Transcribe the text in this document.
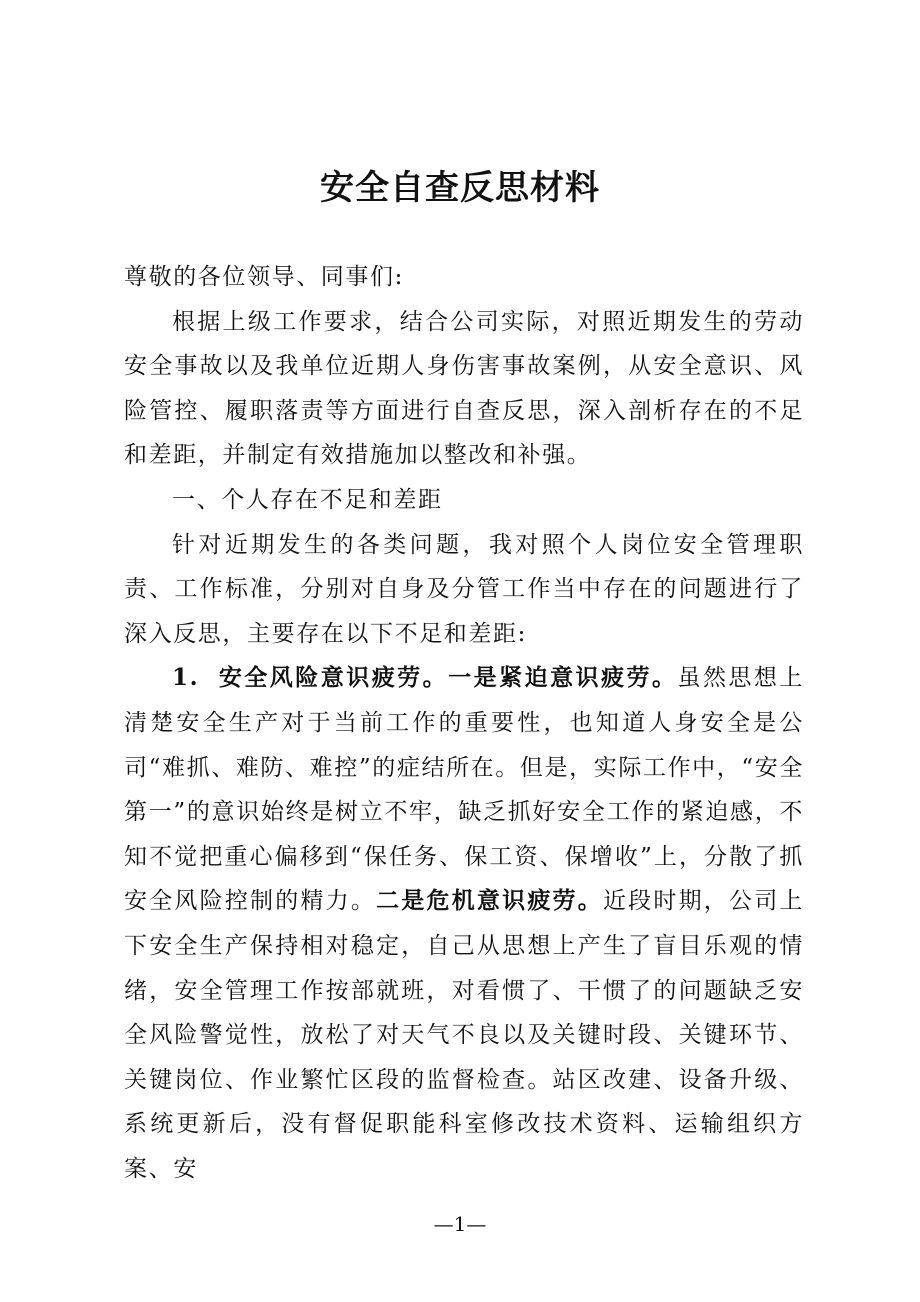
安全自查反思材料

尊敬的各位领导、同事们:

根据上级工作要求，结合公司实际，对照近期发生的劳动安全事故以及我单位近期人身伤害事故案例，从安全意识、风险管控、履职落责等方面进行自查反思，深入剖析存在的不足和差距，并制定有效措施加以整改和补强。

一、个人存在不足和差距

针对近期发生的各类问题，我对照个人岗位安全管理职责、工作标准，分别对自身及分管工作当中存在的问题进行了深入反思，主要存在以下不足和差距:

1. 安全风险意识疲劳。一是紧迫意识疲劳。虽然思想上清楚安全生产对于当前工作的重要性，也知道人身安全是公司“难抓、难防、难控”的症结所在。但是，实际工作中，“安全第一”的意识始终是树立不牢，缺乏抓好安全工作的紧迫感，不知不觉把重心偏移到“保任务、保工资、保增收”上，分散了抓安全风险控制的精力。二是危机意识疲劳。近段时期，公司上下安全生产保持相对稳定，自己从思想上产生了盲目乐观的情绪，安全管理工作按部就班，对看惯了、干惯了的问题缺乏安全风险警觉性，放松了对天气不良以及关键时段、关键环节、关键岗位、作业繁忙区段的监督检查。站区改建、设备升级、系统更新后，没有督促职能科室修改技术资料、运输组织方案、安

—1—
